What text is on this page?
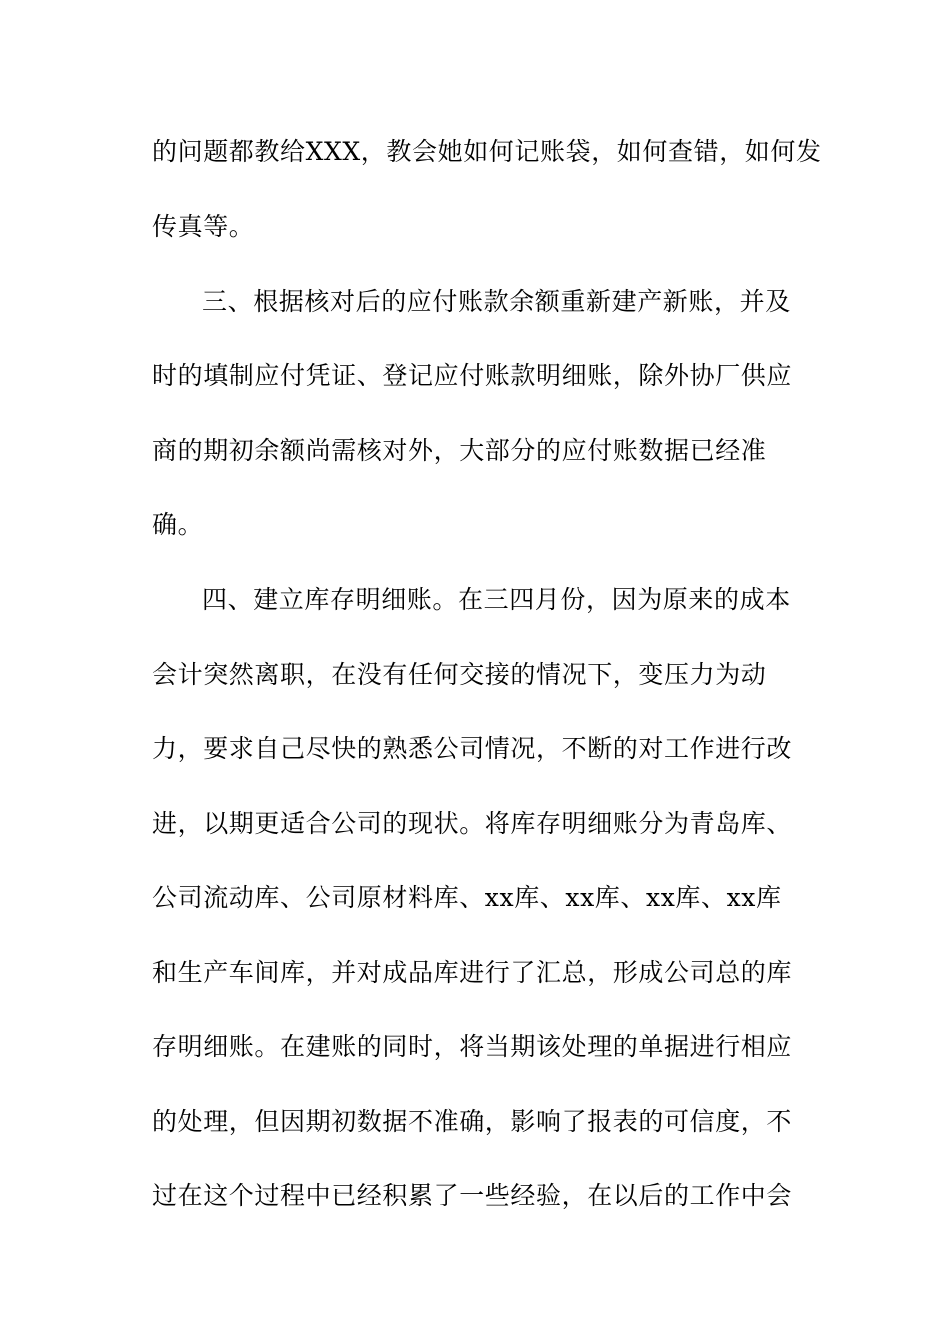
的问题都教给XXX，教会她如何记账袋，如何查错，如何发
传真等。
三、根据核对后的应付账款余额重新建产新账，并及
时的填制应付凭证、登记应付账款明细账，除外协厂供应
商的期初余额尚需核对外，大部分的应付账数据已经准
确。
四、建立库存明细账。在三四月份，因为原来的成本
会计突然离职，在没有任何交接的情况下，变压力为动
力，要求自己尽快的熟悉公司情况，不断的对工作进行改
进，以期更适合公司的现状。将库存明细账分为青岛库、
公司流动库、公司原材料库、xx库、xx库、xx库、xx库
和生产车间库，并对成品库进行了汇总，形成公司总的库
存明细账。在建账的同时，将当期该处理的单据进行相应
的处理，但因期初数据不准确，影响了报表的可信度，不
过在这个过程中已经积累了一些经验，在以后的工作中会
